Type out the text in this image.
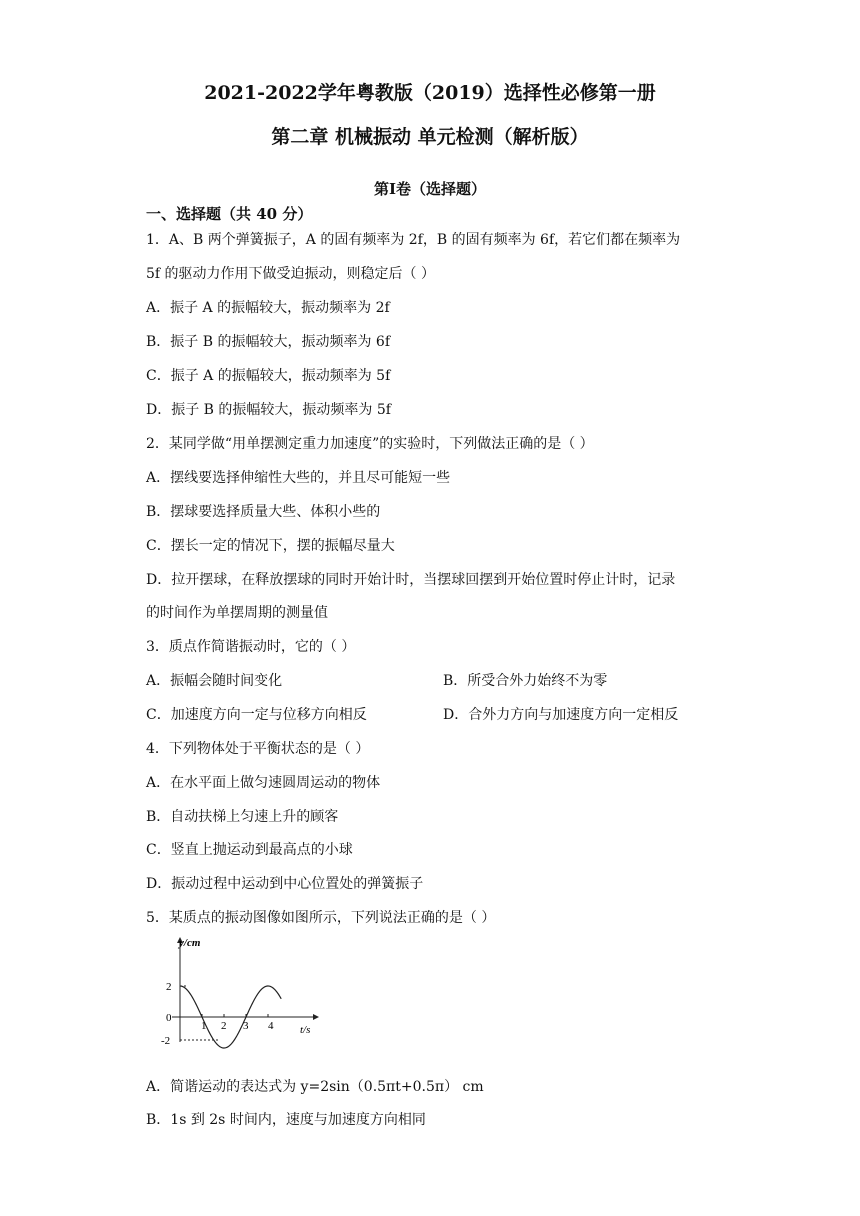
2021-2022学年粤教版（2019）选择性必修第一册
第二章 机械振动 单元检测（解析版）
第Ⅰ卷（选择题）
一、选择题（共 40 分）
1．A、B 两个弹簧振子，A 的固有频率为 2f，B 的固有频率为 6f，若它们都在频率为
5f 的驱动力作用下做受迫振动，则稳定后（ ）
A．振子 A 的振幅较大，振动频率为 2f
B．振子 B 的振幅较大，振动频率为 6f
C．振子 A 的振幅较大，振动频率为 5f
D．振子 B 的振幅较大，振动频率为 5f
2．某同学做“用单摆测定重力加速度”的实验时，下列做法正确的是（ ）
A．摆线要选择伸缩性大些的，并且尽可能短一些
B．摆球要选择质量大些、体积小些的
C．摆长一定的情况下，摆的振幅尽量大
D．拉开摆球，在释放摆球的同时开始计时，当摆球回摆到开始位置时停止计时，记录
的时间作为单摆周期的测量值
3．质点作简谐振动时，它的（ ）
A．振幅会随时间变化	B．所受合外力始终不为零
C．加速度方向一定与位移方向相反	D．合外力方向与加速度方向一定相反
4．下列物体处于平衡状态的是（ ）
A．在水平面上做匀速圆周运动的物体
B．自动扶梯上匀速上升的顾客
C．竖直上抛运动到最高点的小球
D．振动过程中运动到中心位置处的弹簧振子
5．某质点的振动图像如图所示，下列说法正确的是（ ）
y/cm
t/s
2
0
-2
1 2 3 4
A．简谐运动的表达式为 y=2sin（0.5πt+0.5π） cm
B．1s 到 2s 时间内，速度与加速度方向相同
